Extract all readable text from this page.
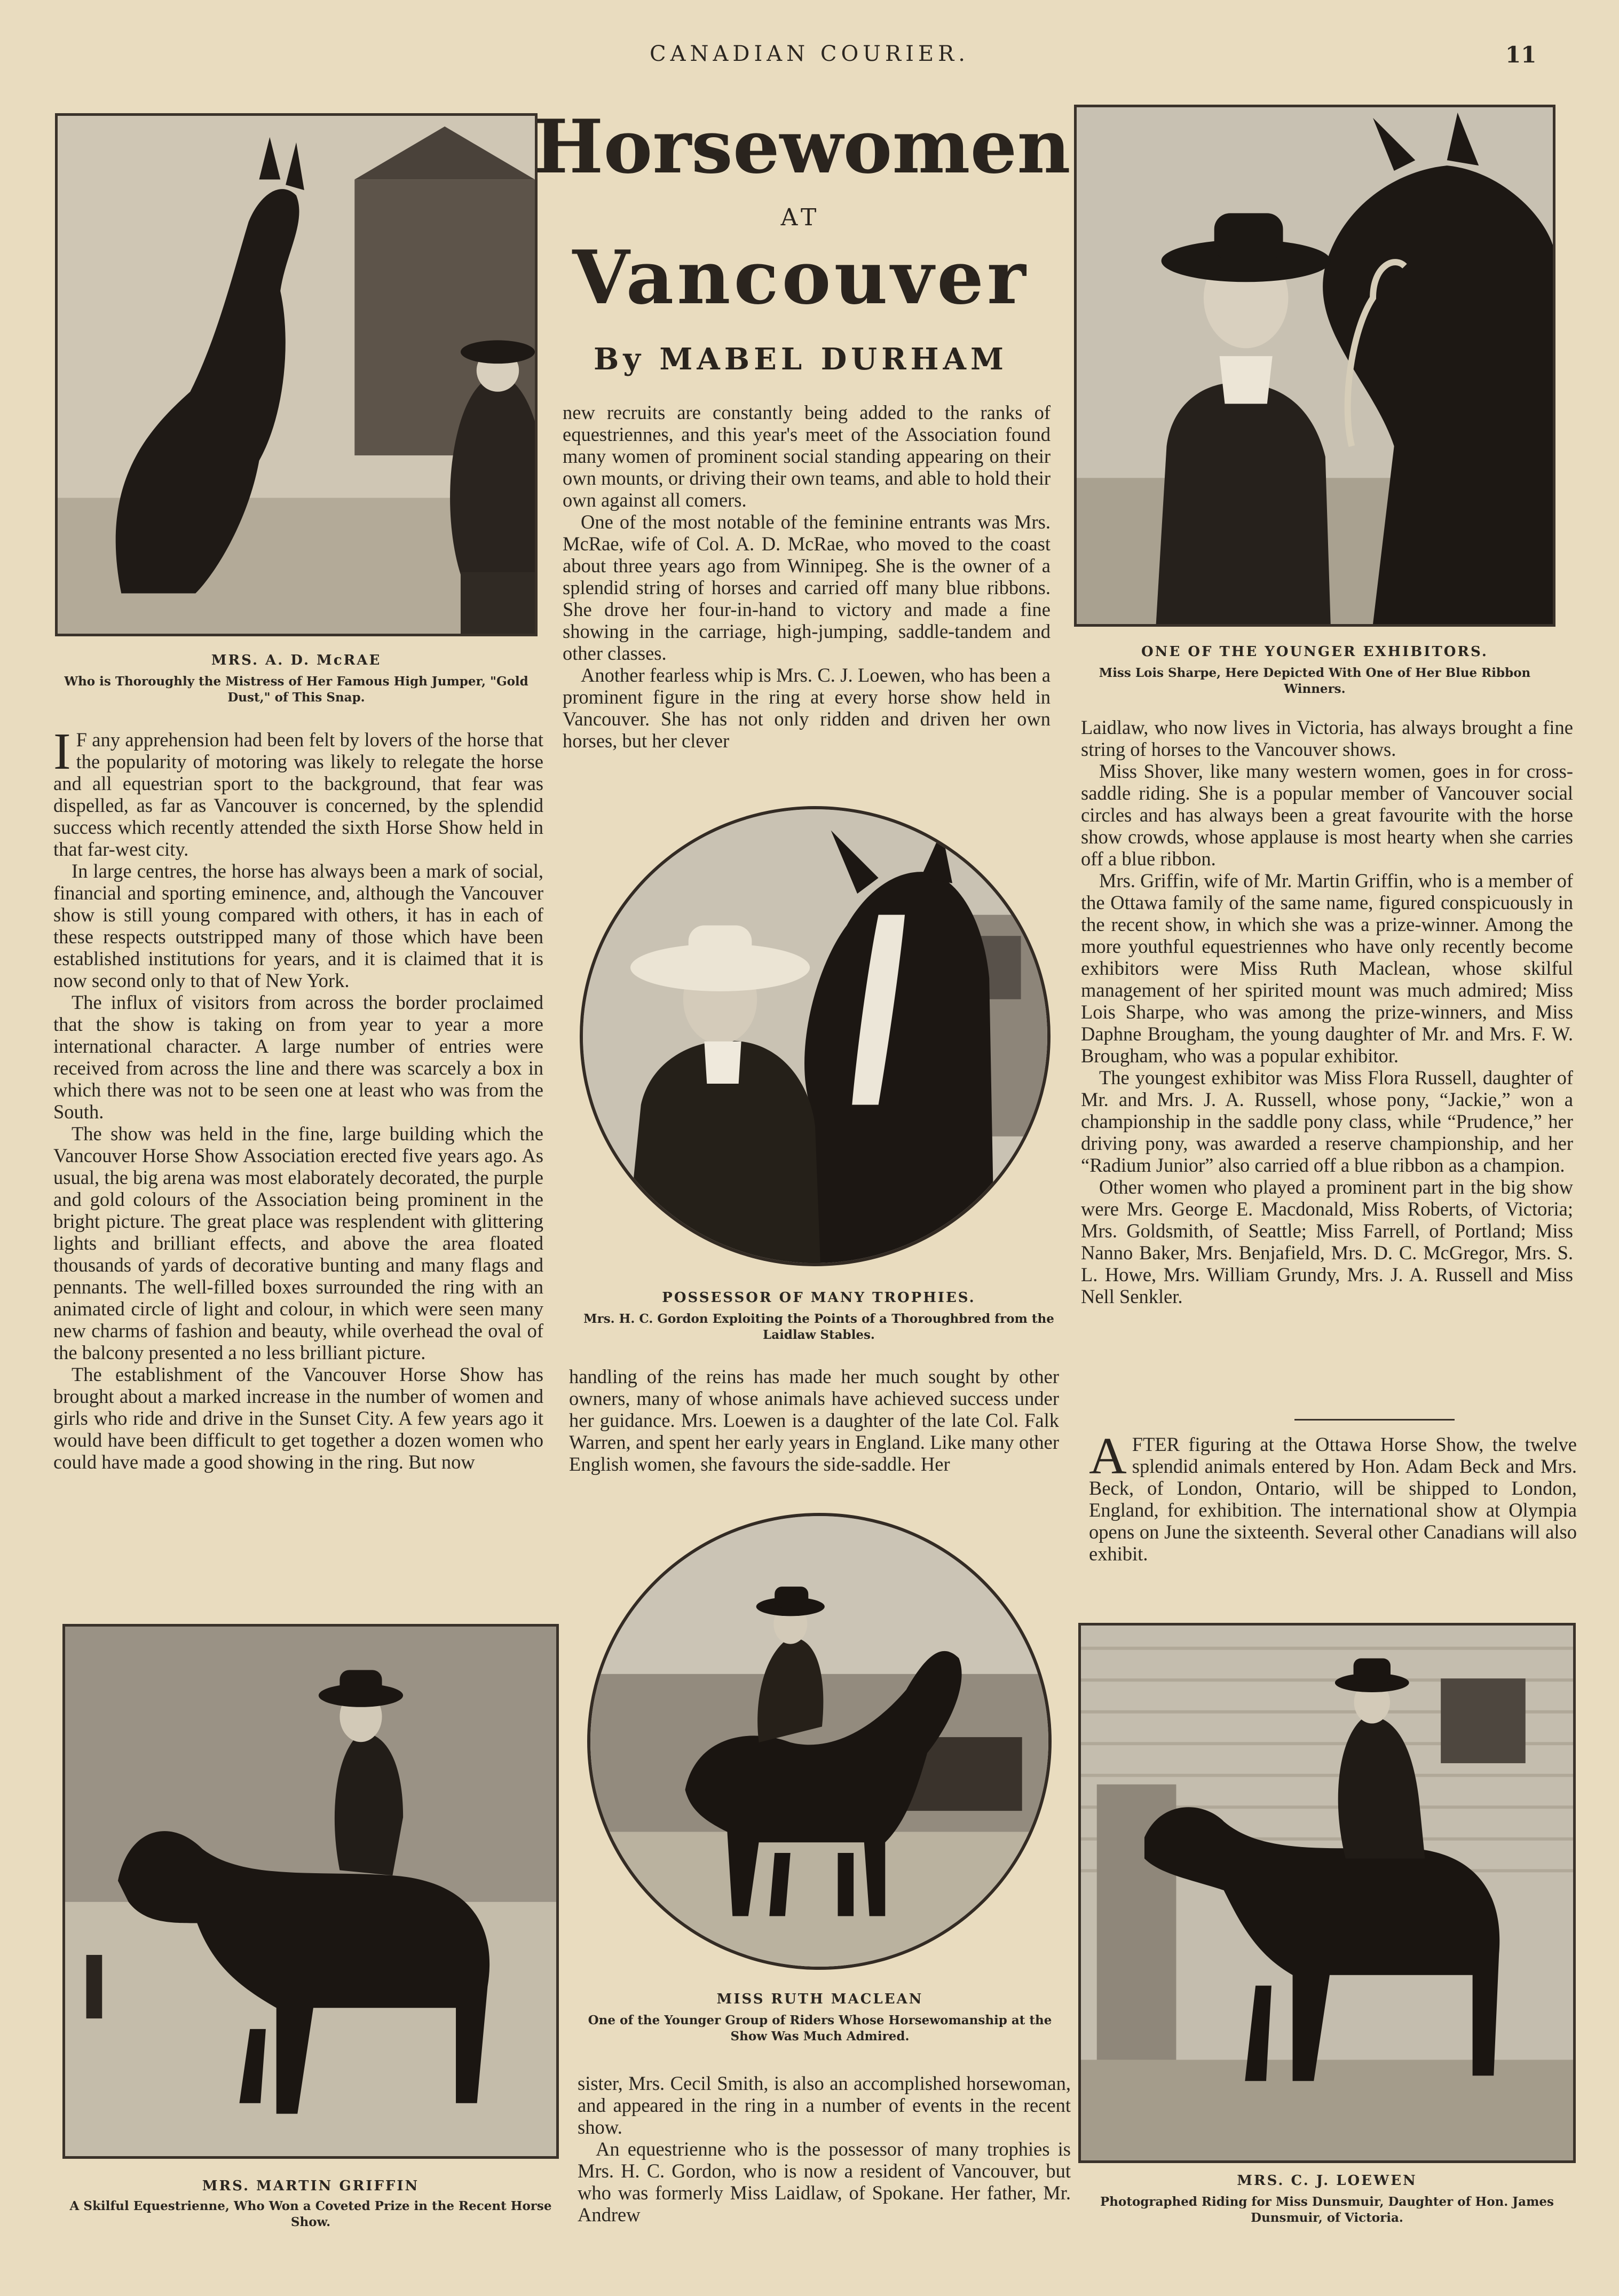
CANADIAN COURIER.	11
MRS. A. D. McRAE
Who is Thoroughly the Mistress of Her Famous High Jumper, "Gold Dust," of This Snap.
Horsewomen
AT
Vancouver
By MABEL DURHAM
ONE OF THE YOUNGER EXHIBITORS.
Miss Lois Sharpe, Here Depicted With One of Her Blue Ribbon Winners.
I F any apprehension had been felt by lovers of the horse that the popularity of motoring was likely to relegate the horse and all equestrian sport to the background, that fear was dispelled, as far as Vancouver is concerned, by the splendid success which recently attended the sixth Horse Show held in that far-west city.

In large centres, the horse has always been a mark of social, financial and sporting eminence, and, although the Vancouver show is still young compared with others, it has in each of these respects outstripped many of those which have been established institutions for years, and it is claimed that it is now second only to that of New York.

The influx of visitors from across the border proclaimed that the show is taking on from year to year a more international character. A large number of entries were received from across the line and there was scarcely a box in which there was not to be seen one at least who was from the South.

The show was held in the fine, large building which the Vancouver Horse Show Association erected five years ago. As usual, the big arena was most elaborately decorated, the purple and gold colours of the Association being prominent in the bright picture. The great place was resplendent with glittering lights and brilliant effects, and above the area floated thousands of yards of decorative bunting and many flags and pennants. The well-filled boxes surrounded the ring with an animated circle of light and colour, in which were seen many new charms of fashion and beauty, while overhead the oval of the balcony presented a no less brilliant picture.

The establishment of the Vancouver Horse Show has brought about a marked increase in the number of women and girls who ride and drive in the Sunset City. A few years ago it would have been difficult to get together a dozen women who could have made a good showing in the ring. But now

new recruits are constantly being added to the ranks of equestriennes, and this year's meet of the Association found many women of prominent social standing appearing on their own mounts, or driving their own teams, and able to hold their own against all comers.

One of the most notable of the feminine entrants was Mrs. McRae, wife of Col. A. D. McRae, who moved to the coast about three years ago from Winnipeg. She is the owner of a splendid string of horses and carried off many blue ribbons. She drove her four-in-hand to victory and made a fine showing in the carriage, high-jumping, saddle-tandem and other classes.

Another fearless whip is Mrs. C. J. Loewen, who has been a prominent figure in the ring at every horse show held in Vancouver. She has not only ridden and driven her own horses, but her clever

POSSESSOR OF MANY TROPHIES.
Mrs. H. C. Gordon Exploiting the Points of a Thoroughbred from the Laidlaw Stables.

handling of the reins has made her much sought by other owners, many of whose animals have achieved success under her guidance. Mrs. Loewen is a daughter of the late Col. Falk Warren, and spent her early years in England. Like many other English women, she favours the side-saddle. Her

Laidlaw, who now lives in Victoria, has always brought a fine string of horses to the Vancouver shows.

Miss Shover, like many western women, goes in for cross-saddle riding. She is a popular member of Vancouver social circles and has always been a great favourite with the horse show crowds, whose applause is most hearty when she carries off a blue ribbon.

Mrs. Griffin, wife of Mr. Martin Griffin, who is a member of the Ottawa family of the same name, figured conspicuously in the recent show, in which she was a prize-winner. Among the more youthful equestriennes who have only recently become exhibitors were Miss Ruth Maclean, whose skilful management of her spirited mount was much admired; Miss Lois Sharpe, who was among the prize-winners, and Miss Daphne Brougham, the young daughter of Mr. and Mrs. F. W. Brougham, who was a popular exhibitor.

The youngest exhibitor was Miss Flora Russell, daughter of Mr. and Mrs. J. A. Russell, whose pony, “Jackie,” won a championship in the saddle pony class, while “Prudence,” her driving pony, was awarded a reserve championship, and her “Radium Junior” also carried off a blue ribbon as a champion.

Other women who played a prominent part in the big show were Mrs. George E. Macdonald, Miss Roberts, of Victoria; Mrs. Goldsmith, of Seattle; Miss Farrell, of Portland; Miss Nanno Baker, Mrs. Benjafield, Mrs. D. C. McGregor, Mrs. S. L. Howe, Mrs. William Grundy, Mrs. J. A. Russell and Miss Nell Senkler.

A FTER figuring at the Ottawa Horse Show, the twelve splendid animals entered by Hon. Adam Beck and Mrs. Beck, of London, Ontario, will be shipped to London, England, for exhibition. The international show at Olympia opens on June the sixteenth. Several other Canadians will also exhibit.

MRS. MARTIN GRIFFIN
A Skilful Equestrienne, Who Won a Coveted Prize in the Recent Horse Show.
MISS RUTH MACLEAN
One of the Younger Group of Riders Whose Horsewomanship at the Show Was Much Admired.

sister, Mrs. Cecil Smith, is also an accomplished horsewoman, and appeared in the ring in a number of events in the recent show.

An equestrienne who is the possessor of many trophies is Mrs. H. C. Gordon, who is now a resident of Vancouver, but who was formerly Miss Laidlaw, of Spokane. Her father, Mr. Andrew

MRS. C. J. LOEWEN
Photographed Riding for Miss Dunsmuir, Daughter of Hon. James Dunsmuir, of Victoria.
